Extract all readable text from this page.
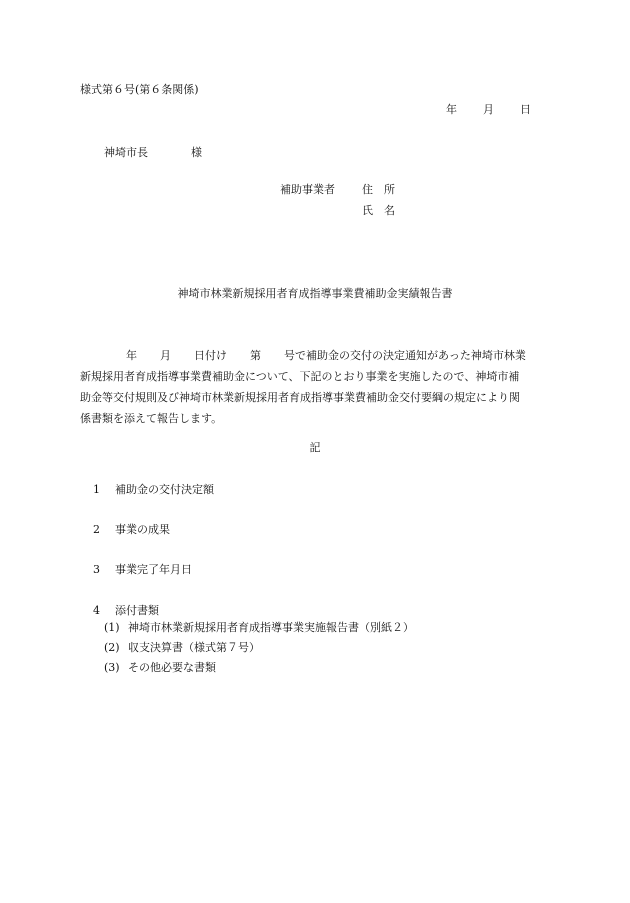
様式第６号(第６条関係)
年 月 日
神埼市長	様
補助事業者 住　所
氏　名
神埼市林業新規採用者育成指導事業費補助金実績報告書
年 月 日付け 第 号で補助金の交付の決定通知があった神埼市林業
新規採用者育成指導事業費補助金について、下記のとおり事業を実施したので、神埼市補
助金等交付規則及び神埼市林業新規採用者育成指導事業費補助金交付要綱の規定により関
係書類を添えて報告します。
記
1 補助金の交付決定額
2 事業の成果
3 事業完了年月日
4 添付書類
(1) 神埼市林業新規採用者育成指導事業実施報告書（別紙２）
(2) 収支決算書（様式第７号）
(3) その他必要な書類
